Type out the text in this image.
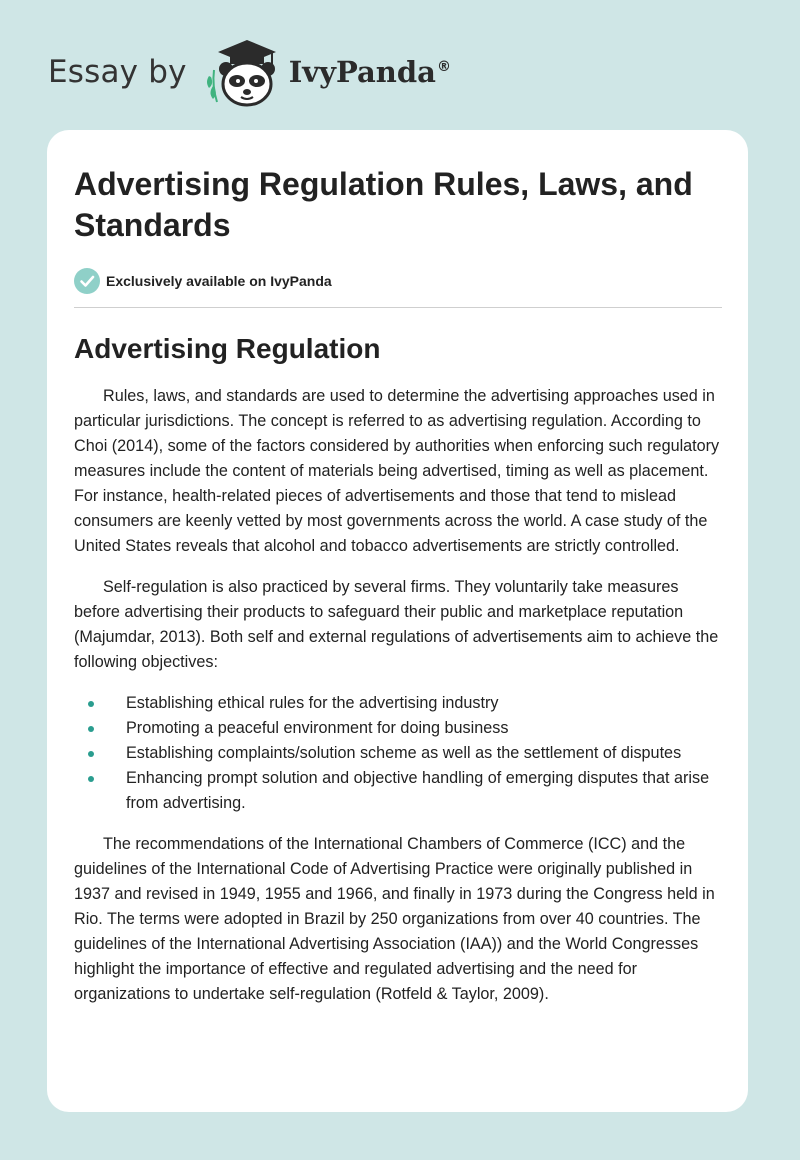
Essay by	IvyPanda®
Advertising Regulation Rules, Laws, and Standards
Exclusively available on IvyPanda
Advertising Regulation

Rules, laws, and standards are used to determine the advertising approaches used in particular jurisdictions. The concept is referred to as advertising regulation. According to Choi (2014), some of the factors considered by authorities when enforcing such regulatory measures include the content of materials being advertised, timing as well as placement. For instance, health-related pieces of advertisements and those that tend to mislead consumers are keenly vetted by most governments across the world. A case study of the United States reveals that alcohol and tobacco advertisements are strictly controlled.

Self-regulation is also practiced by several firms. They voluntarily take measures before advertising their products to safeguard their public and marketplace reputation (Majumdar, 2013). Both self and external regulations of advertisements aim to achieve the following objectives:

Establishing ethical rules for the advertising industry
Promoting a peaceful environment for doing business
Establishing complaints/solution scheme as well as the settlement of disputes
Enhancing prompt solution and objective handling of emerging disputes that arise from advertising.

The recommendations of the International Chambers of Commerce (ICC) and the guidelines of the International Code of Advertising Practice were originally published in 1937 and revised in 1949, 1955 and 1966, and finally in 1973 during the Congress held in Rio. The terms were adopted in Brazil by 250 organizations from over 40 countries. The guidelines of the International Advertising Association (IAA)) and the World Congresses highlight the importance of effective and regulated advertising and the need for organizations to undertake self-regulation (Rotfeld & Taylor, 2009).
